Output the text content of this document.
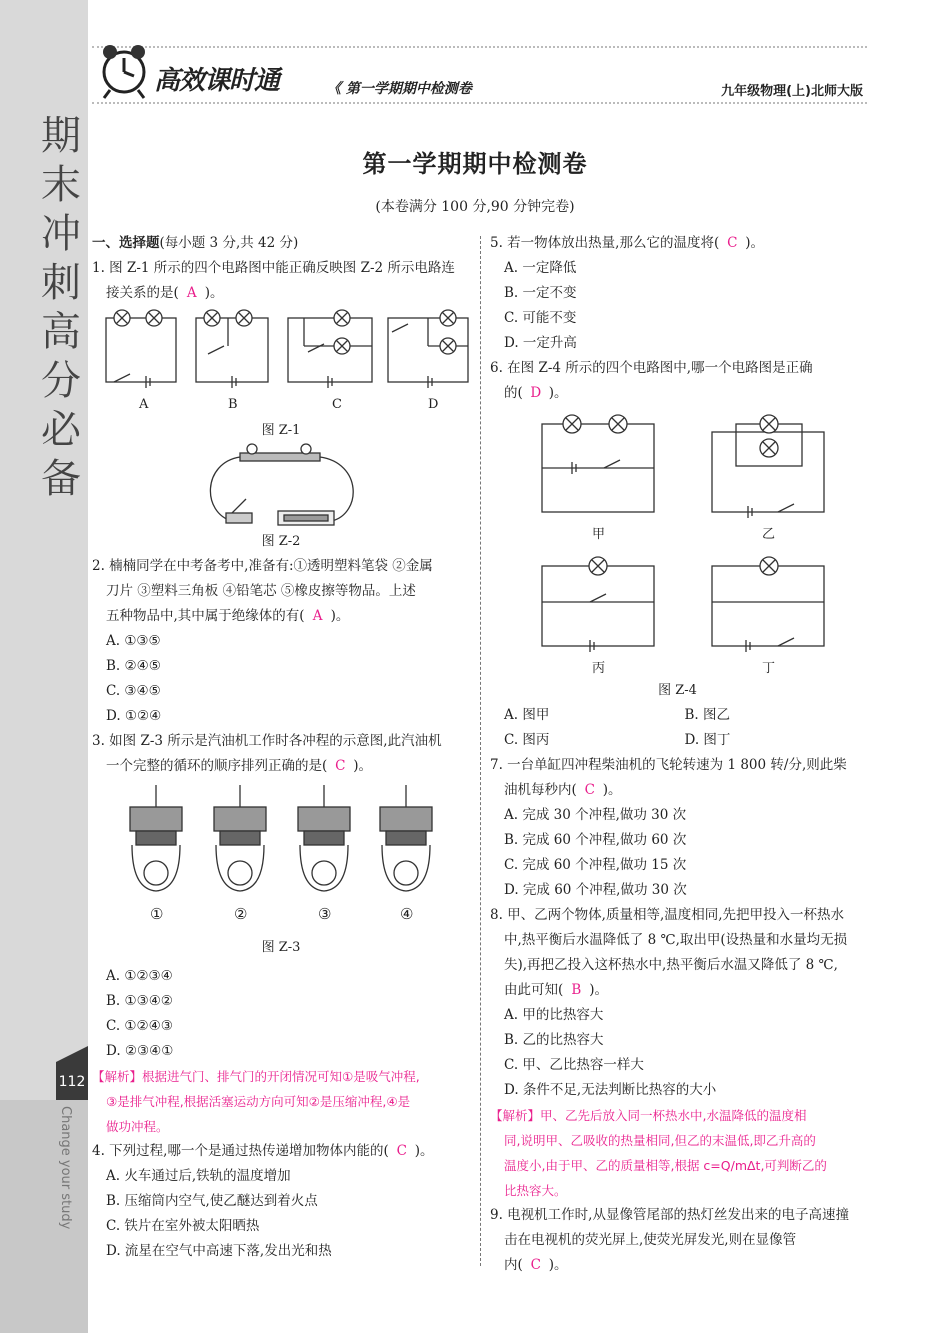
期末冲刺高分必备
112
Change your study
高效课时通	《 第一学期期中检测卷	九年级物理(上)北师大版
第一学期期中检测卷
(本卷满分 100 分,90 分钟完卷)

一、选择题(每小题 3 分,共 42 分)

1. 图 Z-1 所示的四个电路图中能正确反映图 Z-2 所示电路连

接关系的是( A )。

A	B	C	D

图 Z-1

图 Z-2

2. 楠楠同学在中考备考中,准备有:①透明塑料笔袋 ②金属

刀片 ③塑料三角板 ④铅笔芯 ⑤橡皮擦等物品。上述

五种物品中,其中属于绝缘体的有( A )。

A. ①③⑤

B. ②④⑤

C. ③④⑤

D. ①②④

3. 如图 Z-3 所示是汽油机工作时各冲程的示意图,此汽油机

一个完整的循环的顺序排列正确的是( C )。

①	②	③	④

图 Z-3

A. ①②③④

B. ①③④②

C. ①②④③

D. ②③④①

【解析】根据进气门、排气门的开闭情况可知①是吸气冲程,

③是排气冲程,根据活塞运动方向可知②是压缩冲程,④是

做功冲程。

4. 下列过程,哪一个是通过热传递增加物体内能的( C )。

A. 火车通过后,铁轨的温度增加

B. 压缩筒内空气,使乙醚达到着火点

C. 铁片在室外被太阳晒热

D. 流星在空气中高速下落,发出光和热

5. 若一物体放出热量,那么它的温度将( C )。

A. 一定降低

B. 一定不变

C. 可能不变

D. 一定升高

6. 在图 Z-4 所示的四个电路图中,哪一个电路图是正确

的( D )。

甲	乙
丙	丁

图 Z-4

A. 图甲	B. 图乙

C. 图丙	D. 图丁

7. 一台单缸四冲程柴油机的飞轮转速为 1 800 转/分,则此柴

油机每秒内( C )。

A. 完成 30 个冲程,做功 30 次

B. 完成 60 个冲程,做功 60 次

C. 完成 60 个冲程,做功 15 次

D. 完成 60 个冲程,做功 30 次

8. 甲、乙两个物体,质量相等,温度相同,先把甲投入一杯热水

中,热平衡后水温降低了 8 ℃,取出甲(设热量和水量均无损

失),再把乙投入这杯热水中,热平衡后水温又降低了 8 ℃,

由此可知( B )。

A. 甲的比热容大

B. 乙的比热容大

C. 甲、乙比热容一样大

D. 条件不足,无法判断比热容的大小

【解析】甲、乙先后放入同一杯热水中,水温降低的温度相

同,说明甲、乙吸收的热量相同,但乙的末温低,即乙升高的

温度小,由于甲、乙的质量相等,根据 c=Q/mΔt,可判断乙的

比热容大。

9. 电视机工作时,从显像管尾部的热灯丝发出来的电子高速撞

击在电视机的荧光屏上,使荧光屏发光,则在显像管

内( C )。
